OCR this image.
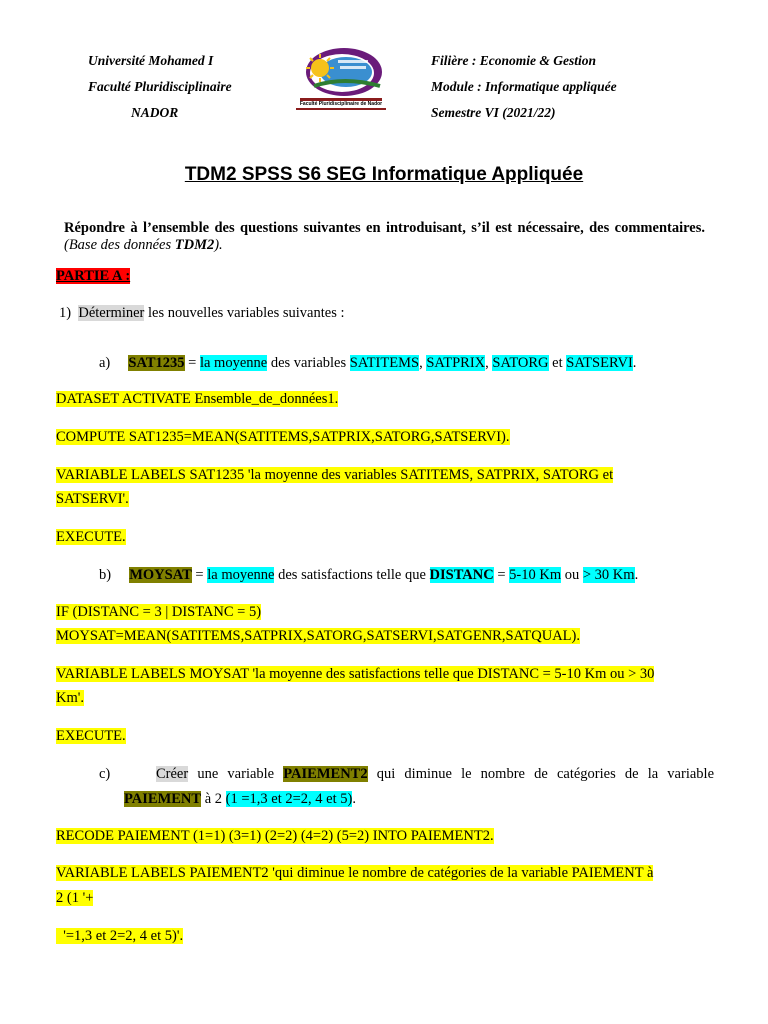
Université Mohamed I
Faculté Pluridisciplinaire
NADOR
Faculté Pluridisciplinaire de Nador
Filière : Economie & Gestion
Module : Informatique appliquée
Semestre VI (2021/22)
TDM2 SPSS S6 SEG Informatique Appliquée
Répondre à l’ensemble des questions suivantes en introduisant, s’il est nécessaire, des commentaires. (Base des données TDM2).
PARTIE A :
1) Déterminer les nouvelles variables suivantes :
a) SAT1235 = la moyenne des variables SATITEMS, SATPRIX, SATORG et SATSERVI.
DATASET ACTIVATE Ensemble_de_données1.
COMPUTE SAT1235=MEAN(SATITEMS,SATPRIX,SATORG,SATSERVI).
VARIABLE LABELS SAT1235 'la moyenne des variables SATITEMS, SATPRIX, SATORG et
SATSERVI'.
EXECUTE.
b) MOYSAT = la moyenne des satisfactions telle que DISTANC = 5-10 Km ou > 30 Km.
IF (DISTANC = 3 | DISTANC = 5)
MOYSAT=MEAN(SATITEMS,SATPRIX,SATORG,SATSERVI,SATGENR,SATQUAL).
VARIABLE LABELS MOYSAT 'la moyenne des satisfactions telle que DISTANC = 5-10 Km ou > 30
Km'.
EXECUTE.
c)	Créer une variable PAIEMENT2 qui diminue le nombre de catégories de la variable
PAIEMENT à 2 (1 =1,3 et 2=2, 4 et 5).
RECODE PAIEMENT (1=1) (3=1) (2=2) (4=2) (5=2) INTO PAIEMENT2.
VARIABLE LABELS PAIEMENT2 'qui diminue le nombre de catégories de la variable PAIEMENT à
2 (1 '+
'=1,3 et 2=2, 4 et 5)'.
